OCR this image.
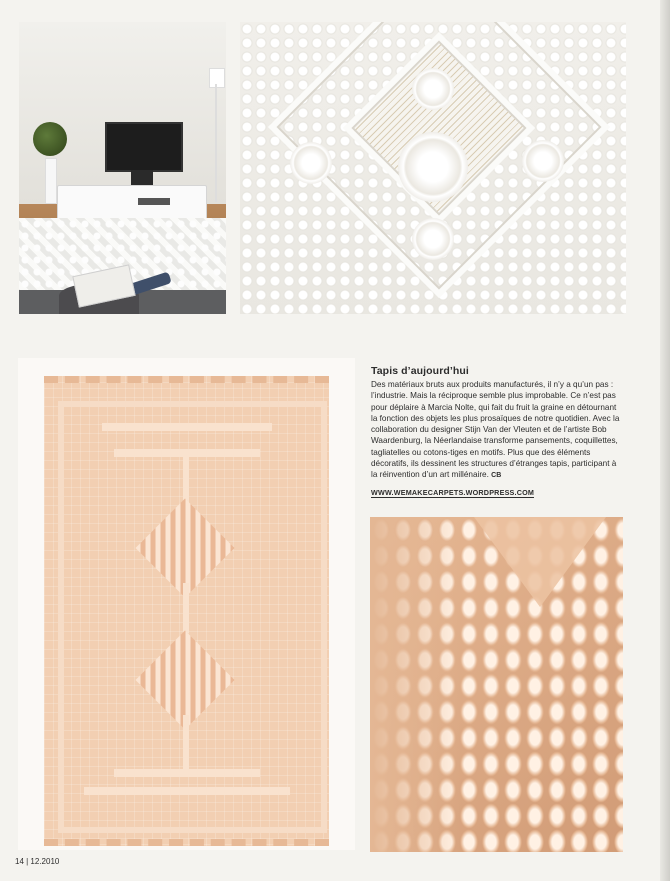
Tapis d’aujourd’hui

Des matériaux bruts aux produits manufacturés, il n’y a qu’un pas : l’industrie. Mais la réciproque semble plus improbable. Ce n’est pas pour déplaire à Marcia Nolte, qui fait du fruit la graine en détournant la fonction des objets les plus prosaïques de notre quotidien. Avec la collaboration du designer Stijn Van der Vleuten et de l’artiste Bob Waardenburg, la Néerlandaise transforme pansements, coquillettes, tagliatelles ou cotons-tiges en motifs. Plus que des éléments décoratifs, ils dessinent les structures d’étranges tapis, participant à la réinvention d’un art millénaire. CB

WWW.WEMAKECARPETS.WORDPRESS.COM
14 | 12.2010
